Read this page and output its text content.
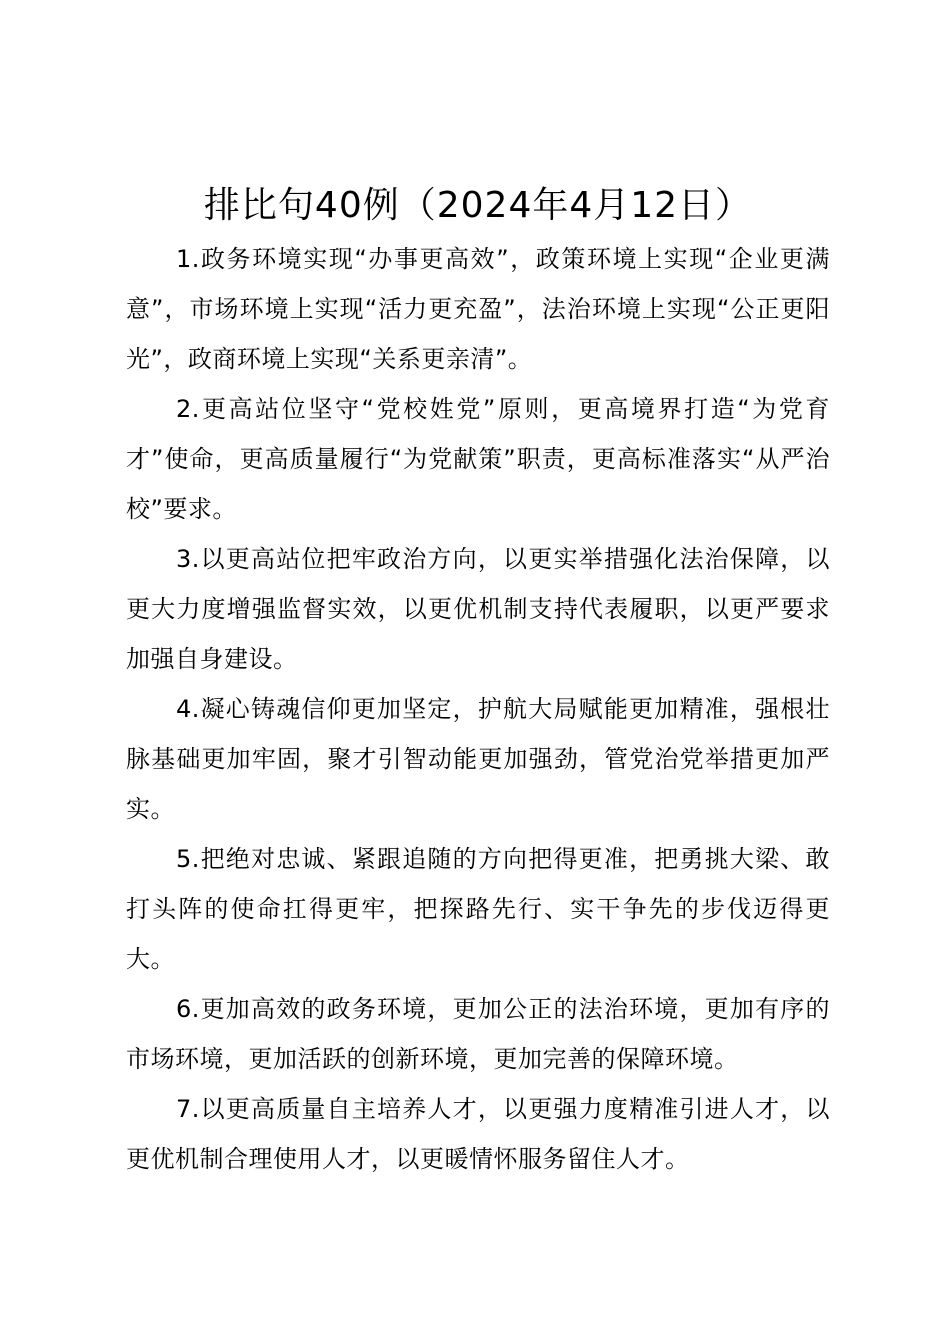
排比句40例（2024年4月12日）

1.政务环境实现“办事更高效”，政策环境上实现“企业更满意”，市场环境上实现“活力更充盈”，法治环境上实现“公正更阳光”，政商环境上实现“关系更亲清”。

2.更高站位坚守“党校姓党”原则，更高境界打造“为党育才”使命，更高质量履行“为党献策”职责，更高标准落实“从严治校”要求。

3.以更高站位把牢政治方向，以更实举措强化法治保障，以更大力度增强监督实效，以更优机制支持代表履职，以更严要求加强自身建设。

4.凝心铸魂信仰更加坚定，护航大局赋能更加精准，强根壮脉基础更加牢固，聚才引智动能更加强劲，管党治党举措更加严实。

5.把绝对忠诚、紧跟追随的方向把得更准，把勇挑大梁、敢打头阵的使命扛得更牢，把探路先行、实干争先的步伐迈得更大。

6.更加高效的政务环境，更加公正的法治环境，更加有序的市场环境，更加活跃的创新环境，更加完善的保障环境。

7.以更高质量自主培养人才，以更强力度精准引进人才，以更优机制合理使用人才，以更暖情怀服务留住人才。
